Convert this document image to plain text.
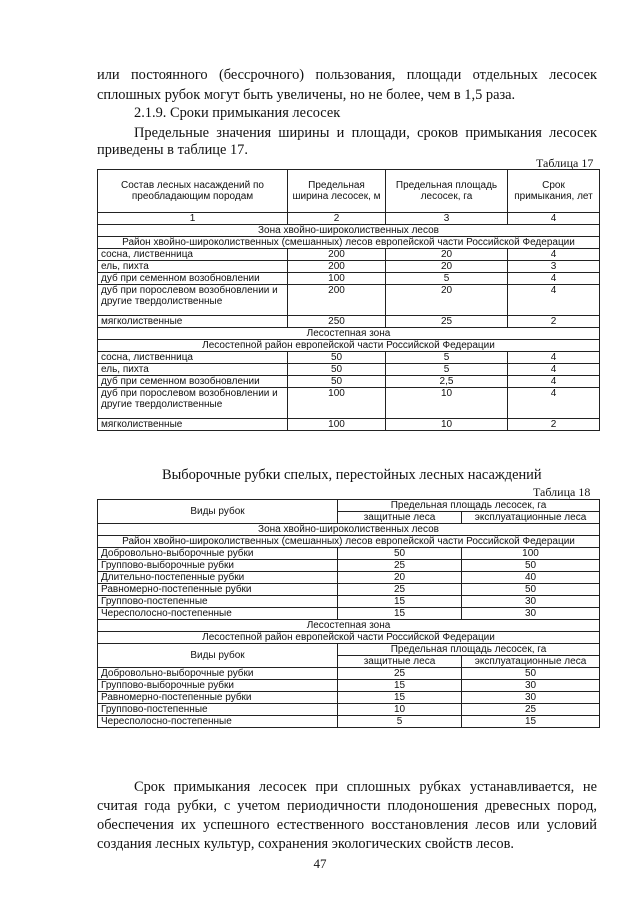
или постоянного (бессрочного) пользования, площади отдельных лесосек

сплошных рубок могут быть увеличены, но не более, чем в 1,5 раза.

2.1.9. Сроки примыкания лесосек

Предельные значения ширины и площади, сроков примыкания лесосек

приведены в таблице 17.

Таблица 17
Состав лесных насаждений по преобладающим породам	Предельная ширина лесосек, м	Предельная площадь лесосек, га	Срок примыкания, лет
1	2	3	4
Зона хвойно-широколиственных лесов			
Район хвойно-широколиственных (смешанных) лесов европейской части Российской Федерации			
сосна, лиственница	200	20	4
ель, пихта	200	20	3
дуб при семенном возобновлении	100	5	4
дуб при порослевом возобновлении и другие твердолиственные	200	20	4
мягколиственные	250	25	2
Лесостепная зона			
Лесостепной район европейской части Российской Федерации			
сосна, лиственница	50	5	4
ель, пихта	50	5	4
дуб при семенном возобновлении	50	2,5	4
дуб при порослевом возобновлении и другие твердолиственные	100	10	4
мягколиственные	100	10	2

Выборочные рубки спелых, перестойных лесных насаждений

Таблица 18
Виды рубок	Предельная площадь лесосек, га	
	защитные леса	эксплуатационные леса
Зона хвойно-широколиственных лесов		
Район хвойно-широколиственных (смешанных) лесов европейской части Российской Федерации		
Добровольно-выборочные рубки	50	100
Группово-выборочные рубки	25	50
Длительно-постепенные рубки	20	40
Равномерно-постепенные рубки	25	50
Группово-постепенные	15	30
Чересполосно-постепенные	15	30
Лесостепная зона		
Лесостепной район европейской части Российской Федерации		
Виды рубок	Предельная площадь лесосек, га	
	защитные леса	эксплуатационные леса
Добровольно-выборочные рубки	25	50
Группово-выборочные рубки	15	30
Равномерно-постепенные рубки	15	30
Группово-постепенные	10	25
Чересполосно-постепенные	5	15

Срок примыкания лесосек при сплошных рубках устанавливается, не

считая года рубки, с учетом периодичности плодоношения древесных пород,

обеспечения их успешного естественного восстановления лесов или условий

создания лесных культур, сохранения экологических свойств лесов.

47
